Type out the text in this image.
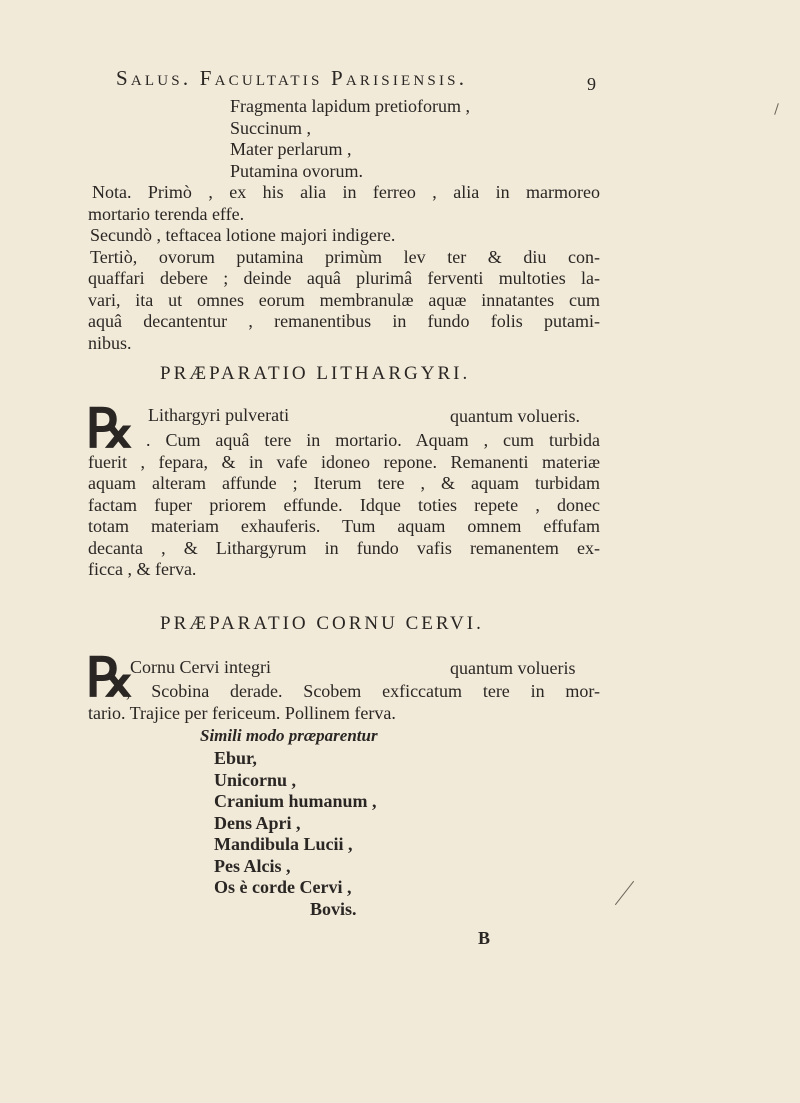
Salus. Facultatis Parisiensis.	9
Fragmenta lapidum pretioforum ,
Succinum ,
Mater perlarum ,
Putamina ovorum.
Nota. Primò , ex his alia in ferreo , alia in marmoreo
mortario terenda effe.
Secundò , teftacea lotione majori indigere.
Tertiò, ovorum putamina primùm lev ter & diu con-
quaffari debere ; deinde aquâ plurimâ ferventi multoties la-
vari, ita ut omnes eorum membranulæ aquæ innatantes cum
aquâ decantentur , remanentibus in fundo folis putami-
nibus.
PRÆPARATIO LITHARGYRI.
℞ Lithargyri pulverati	quantum volueris.
. Cum aquâ tere in mortario. Aquam , cum turbida
fuerit , fepara, & in vafe idoneo repone. Remanenti materiæ
aquam alteram affunde ; Iterum tere , & aquam turbidam
factam fuper priorem effunde. Idque toties repete , donec
totam materiam exhauferis. Tum aquam omnem effufam
decanta , & Lithargyrum in fundo vafis remanentem ex-
ficca , & ferva.
PRÆPARATIO CORNU CERVI.
℞
Cornu Cervi integri	quantum volueris
, Scobina derade. Scobem exficcatum tere in mor-
tario. Trajice per fericeum. Pollinem ferva.
Simili modo præparentur
Ebur,
Unicornu ,
Cranium humanum ,
Dens Apri ,
Mandibula Lucii ,
Pes Alcis ,
Os è corde Cervi ,
Bovis.
B
